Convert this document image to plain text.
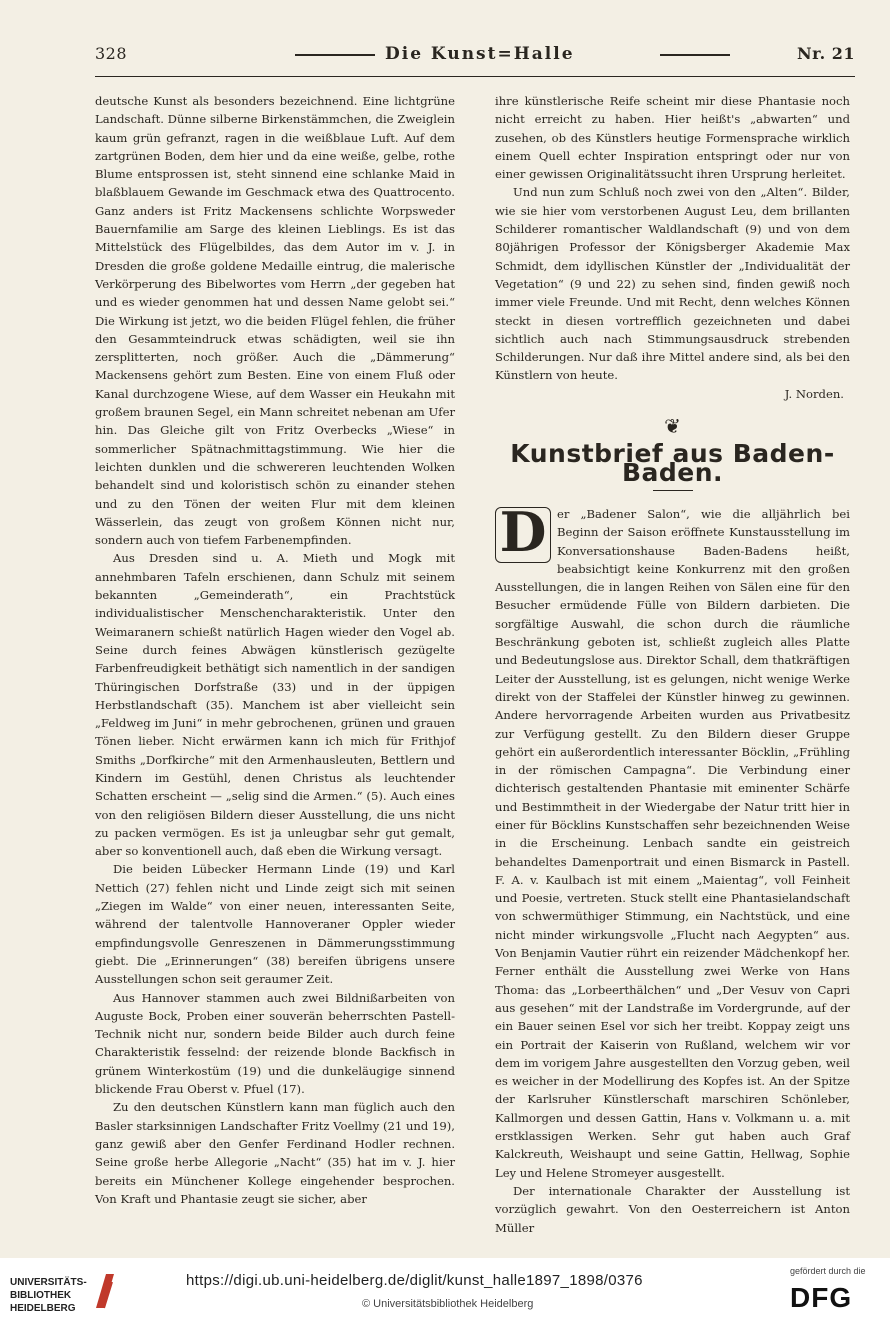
328	Die Kunst=Halle	Nr. 21

deutsche Kunst als besonders bezeichnend. Eine lichtgrüne Landschaft. Dünne silberne Birkenstämmchen, die Zweiglein kaum grün gefranzt, ragen in die weißblaue Luft. Auf dem zartgrünen Boden, dem hier und da eine weiße, gelbe, rothe Blume entsprossen ist, steht sinnend eine schlanke Maid in blaßblauem Gewande im Geschmack etwa des Quattrocento. Ganz anders ist Fritz Mackensens schlichte Worpsweder Bauernfamilie am Sarge des kleinen Lieblings. Es ist das Mittelstück des Flügelbildes, das dem Autor im v. J. in Dresden die große goldene Medaille eintrug, die malerische Verkörperung des Bibelwortes vom Herrn „der gegeben hat und es wieder genommen hat und dessen Name gelobt sei.“ Die Wirkung ist jetzt, wo die beiden Flügel fehlen, die früher den Gesammteindruck etwas schädigten, weil sie ihn zersplitterten, noch größer. Auch die „Dämmerung“ Mackensens gehört zum Besten. Eine von einem Fluß oder Kanal durchzogene Wiese, auf dem Wasser ein Heukahn mit großem braunen Segel, ein Mann schreitet nebenan am Ufer hin. Das Gleiche gilt von Fritz Overbecks „Wiese“ in sommerlicher Spätnachmittagstimmung. Wie hier die leichten dunklen und die schwereren leuchtenden Wolken behandelt sind und koloristisch schön zu einander stehen und zu den Tönen der weiten Flur mit dem kleinen Wässerlein, das zeugt von großem Können nicht nur, sondern auch von tiefem Farbenempfinden.

Aus Dresden sind u. A. Mieth und Mogk mit annehmbaren Tafeln erschienen, dann Schulz mit seinem bekannten „Gemeinderath“, ein Prachtstück individualistischer Menschencharakteristik. Unter den Weimaranern schießt natürlich Hagen wieder den Vogel ab. Seine durch feines Abwägen künstlerisch gezügelte Farbenfreudigkeit bethätigt sich namentlich in der sandigen Thüringischen Dorfstraße (33) und in der üppigen Herbstlandschaft (35). Manchem ist aber vielleicht sein „Feldweg im Juni“ in mehr gebrochenen, grünen und grauen Tönen lieber. Nicht erwärmen kann ich mich für Frithjof Smiths „Dorfkirche“ mit den Armenhausleuten, Bettlern und Kindern im Gestühl, denen Christus als leuchtender Schatten erscheint — „selig sind die Armen.“ (5). Auch eines von den religiösen Bildern dieser Ausstellung, die uns nicht zu packen vermögen. Es ist ja unleugbar sehr gut gemalt, aber so konventionell auch, daß eben die Wirkung versagt.

Die beiden Lübecker Hermann Linde (19) und Karl Nettich (27) fehlen nicht und Linde zeigt sich mit seinen „Ziegen im Walde“ von einer neuen, interessanten Seite, während der talentvolle Hannoveraner Oppler wieder empfindungsvolle Genreszenen in Dämmerungsstimmung giebt. Die „Erinnerungen“ (38) bereifen übrigens unsere Ausstellungen schon seit geraumer Zeit.

Aus Hannover stammen auch zwei Bildnißarbeiten von Auguste Bock, Proben einer souverän beherrschten Pastell-Technik nicht nur, sondern beide Bilder auch durch feine Charakteristik fesselnd: der reizende blonde Backfisch in grünem Winterkostüm (19) und die dunkeläugige sinnend blickende Frau Oberst v. Pfuel (17).

Zu den deutschen Künstlern kann man füglich auch den Basler starksinnigen Landschafter Fritz Voellmy (21 und 19), ganz gewiß aber den Genfer Ferdinand Hodler rechnen. Seine große herbe Allegorie „Nacht“ (35) hat im v. J. hier bereits ein Münchener Kollege eingehender besprochen. Von Kraft und Phantasie zeugt sie sicher, aber

ihre künstlerische Reife scheint mir diese Phantasie noch nicht erreicht zu haben. Hier heißt's „abwarten“ und zusehen, ob des Künstlers heutige Formensprache wirklich einem Quell echter Inspiration entspringt oder nur von einer gewissen Originalitätssucht ihren Ursprung herleitet.

Und nun zum Schluß noch zwei von den „Alten“. Bilder, wie sie hier vom verstorbenen August Leu, dem brillanten Schilderer romantischer Waldlandschaft (9) und von dem 80jährigen Professor der Königsberger Akademie Max Schmidt, dem idyllischen Künstler der „Individualität der Vegetation“ (9 und 22) zu sehen sind, finden gewiß noch immer viele Freunde. Und mit Recht, denn welches Können steckt in diesen vortrefflich gezeichneten und dabei sichtlich auch nach Stimmungsausdruck strebenden Schilderungen. Nur daß ihre Mittel andere sind, als bei den Künstlern von heute.

J. Norden.

❦
Kunstbrief aus Baden-Baden.

D er „Badener Salon“, wie die alljährlich bei Beginn der Saison eröffnete Kunstausstellung im Konversationshause Baden-Badens heißt, beabsichtigt keine Konkurrenz mit den großen Ausstellungen, die in langen Reihen von Sälen eine für den Besucher ermüdende Fülle von Bildern darbieten. Die sorgfältige Auswahl, die schon durch die räumliche Beschränkung geboten ist, schließt zugleich alles Platte und Bedeutungslose aus. Direktor Schall, dem thatkräftigen Leiter der Ausstellung, ist es gelungen, nicht wenige Werke direkt von der Staffelei der Künstler hinweg zu gewinnen. Andere hervorragende Arbeiten wurden aus Privatbesitz zur Verfügung gestellt. Zu den Bildern dieser Gruppe gehört ein außerordentlich interessanter Böcklin, „Frühling in der römischen Campagna“. Die Verbindung einer dichterisch gestaltenden Phantasie mit eminenter Schärfe und Bestimmtheit in der Wiedergabe der Natur tritt hier in einer für Böcklins Kunstschaffen sehr bezeichnenden Weise in die Erscheinung. Lenbach sandte ein geistreich behandeltes Damenportrait und einen Bismarck in Pastell. F. A. v. Kaulbach ist mit einem „Maientag“, voll Feinheit und Poesie, vertreten. Stuck stellt eine Phantasielandschaft von schwermüthiger Stimmung, ein Nachtstück, und eine nicht minder wirkungsvolle „Flucht nach Aegypten“ aus. Von Benjamin Vautier rührt ein reizender Mädchenkopf her. Ferner enthält die Ausstellung zwei Werke von Hans Thoma: das „Lorbeerthälchen“ und „Der Vesuv von Capri aus gesehen“ mit der Landstraße im Vordergrunde, auf der ein Bauer seinen Esel vor sich her treibt. Koppay zeigt uns ein Portrait der Kaiserin von Rußland, welchem wir vor dem im vorigem Jahre ausgestellten den Vorzug geben, weil es weicher in der Modellirung des Kopfes ist. An der Spitze der Karlsruher Künstlerschaft marschiren Schönleber, Kallmorgen und dessen Gattin, Hans v. Volkmann u. a. mit erstklassigen Werken. Sehr gut haben auch Graf Kalckreuth, Weishaupt und seine Gattin, Hellwag, Sophie Ley und Helene Stromeyer ausgestellt.

Der internationale Charakter der Ausstellung ist vorzüglich gewahrt. Von den Oesterreichern ist Anton Müller

UNIVERSITÄTS-
BIBLIOTHEK
HEIDELBERG
https://digi.ub.uni-heidelberg.de/diglit/kunst_halle1897_1898/0376
© Universitätsbibliothek Heidelberg
gefördert durch die
DFG
